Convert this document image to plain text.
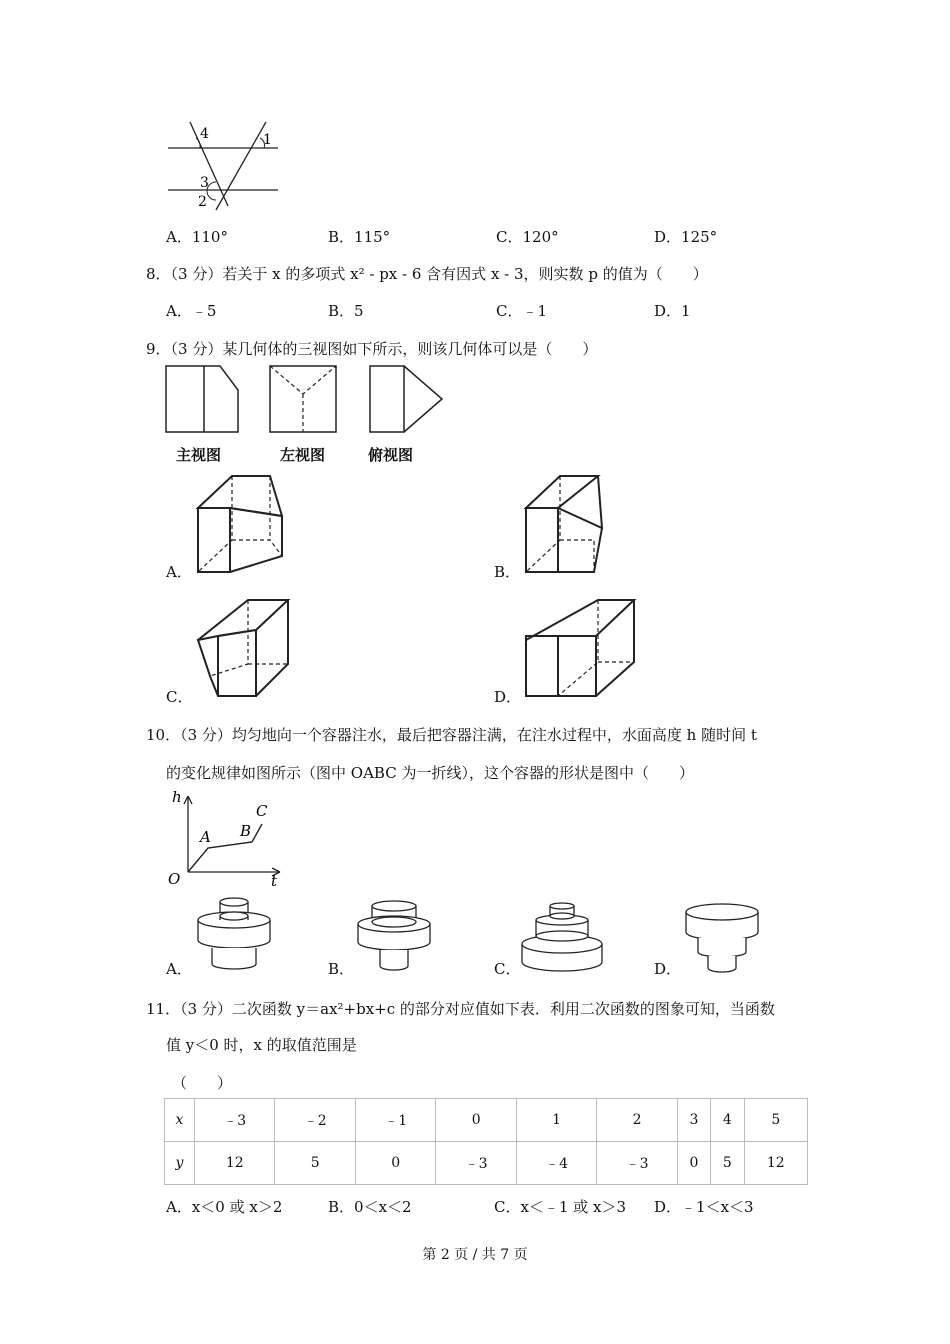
4	1
3
2
A．110°	B．115°	C．120°	D．125°
8．（3 分）若关于 x 的多项式 x² - px - 6 含有因式 x - 3，则实数 p 的值为（　　）
A．﹣5	B．5	C．﹣1	D．1
9．（3 分）某几何体的三视图如下所示，则该几何体可以是（　　）
主视图	左视图	俯视图
A．	B．
C．	D．
10．（3 分）均匀地向一个容器注水，最后把容器注满，在注水过程中，水面高度 h 随时间 t
的变化规律如图所示（图中 OABC 为一折线），这个容器的形状是图中（　　）
h
t
O
A B
C
A．	B．	C．	D．
11．（3 分）二次函数 y＝ax²+bx+c 的部分对应值如下表．利用二次函数的图象可知，当函数
值 y＜0 时，x 的取值范围是
（　　）
x	﹣3	﹣2	﹣1	0	1	2	3	4	5
y	12	5	0	﹣3	﹣4	﹣3	0	5	12
A．x＜0 或 x＞2	B．0＜x＜2	C．x＜﹣1 或 x＞3 D．﹣1＜x＜3
第 2 页 / 共 7 页
